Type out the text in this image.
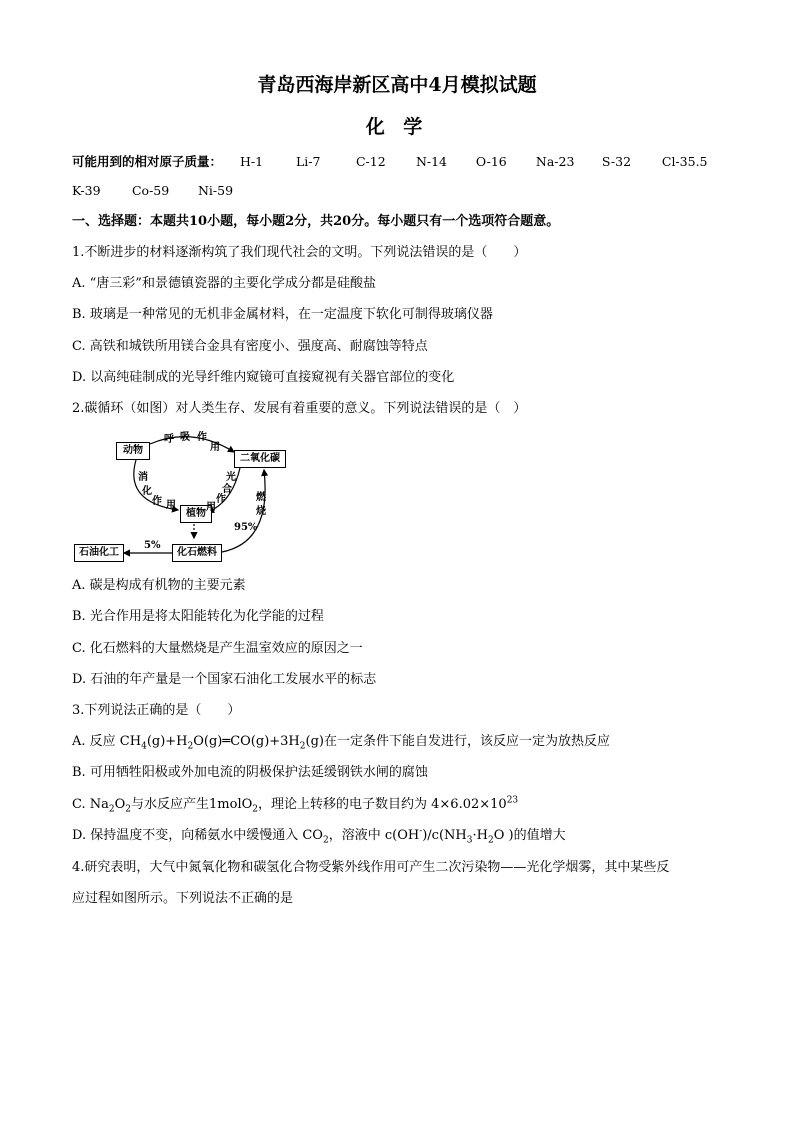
青岛西海岸新区高中4月模拟试题
化 学
可能用到的相对原子质量： H-1	Li-7	C-12 N-14 O-16 Na-23 S-32 Cl-35.5
K-39	Co-59 Ni-59
一、选择题：本题共10小题，每小题2分，共20分。每小题只有一个选项符合题意。
1.不断进步的材料逐渐构筑了我们现代社会的文明。下列说法错误的是（　　）
A. “唐三彩”和景德镇瓷器的主要化学成分都是硅酸盐
B. 玻璃是一种常见的无机非金属材料，在一定温度下软化可制得玻璃仪器
C. 高铁和城铁所用镁合金具有密度小、强度高、耐腐蚀等特点
D. 以高纯硅制成的光导纤维内窥镜可直接窥视有关器官部位的变化
2.碳循环（如图）对人类生存、发展有着重要的意义。下列说法错误的是（　）
动物
二氧化碳
植物
化石燃料
石油化工
呼 吸 作
用
消
化
作 用
光
合
作
用
燃
烧
95%
5%
A. 碳是构成有机物的主要元素
B. 光合作用是将太阳能转化为化学能的过程
C. 化石燃料的大量燃烧是产生温室效应的原因之一
D. 石油的年产量是一个国家石油化工发展水平的标志
3.下列说法正确的是（　　）
A. 反应 $CH_4(g)+H_2O(g)═CO(g)+3H_2(g)$在一定条件下能自发进行，该反应一定为放热反应
B. 可用牺牲阳极或外加电流的阴极保护法延缓钢铁水闸的腐蚀
C. $Na_2O_2$与水反应产生1molO$_2$，理论上转移的电子数目约为 $4\times 6.02\times 10^{23}$
D. 保持温度不变，向稀氨水中缓慢通入 $CO_2$，溶液中 $c(OH^-)/c(NH_3\cdot H_2O$ )的值增大
4.研究表明，大气中氮氧化物和碳氢化合物受紫外线作用可产生二次污染物——光化学烟雾，其中某些反
应过程如图所示。下列说法不正确的是
